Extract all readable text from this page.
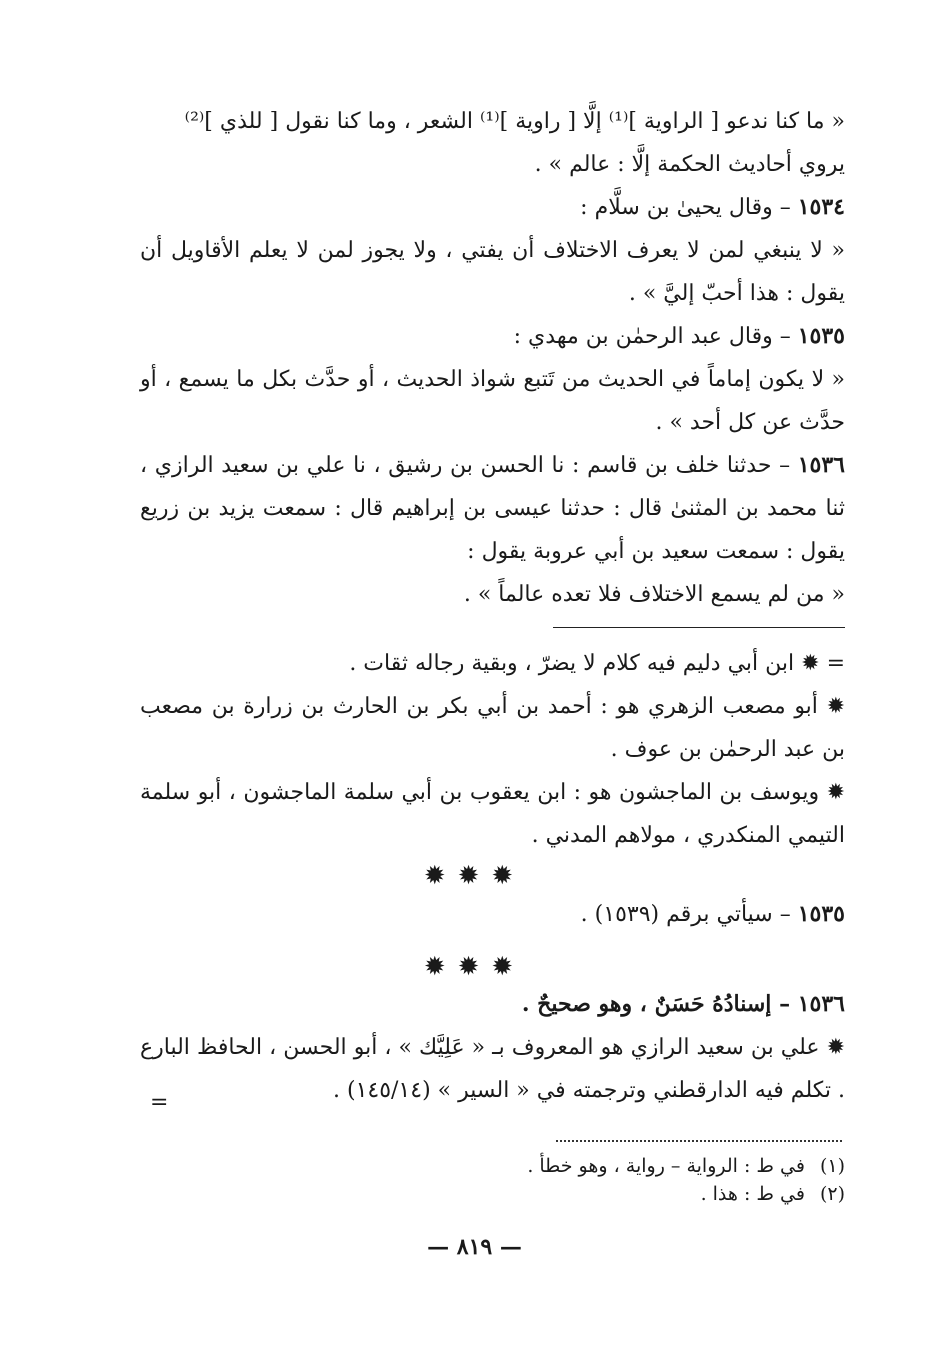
« ما كنا ندعو [ الراوية ]⁽¹⁾ إلَّا [ راوية ]⁽¹⁾ الشعر ، وما كنا نقول [ للذي ]⁽²⁾
يروي أحاديث الحكمة إلَّا : عالم » .

١٥٣٤ – وقال يحيىٰ بن سلَّام :

« لا ينبغي لمن لا يعرف الاختلاف أن يفتي ، ولا يجوز لمن لا يعلم الأقاويل أن يقول : هذا أحبّ إليَّ » .

١٥٣٥ – وقال عبد الرحمٰن بن مهدي :

« لا يكون إماماً في الحديث من تَتبع شواذ الحديث ، أو حدَّث بكل ما يسمع ، أو حدَّث عن كل أحد » .

١٥٣٦ – حدثنا خلف بن قاسم : نا الحسن بن رشيق ، نا علي بن سعيد الرازي ، ثنا محمد بن المثنىٰ قال : حدثنا عيسى بن إبراهيم قال : سمعت يزيد بن زريع يقول : سمعت سعيد بن أبي عروبة يقول :

« من لم يسمع الاختلاف فلا تعده عالماً » .

= ✹ ابن أبي دليم فيه كلام لا يضرّ ، وبقية رجاله ثقات .

✹ أبو مصعب الزهري هو : أحمد بن أبي بكر بن الحارث بن زرارة بن مصعب بن عبد الرحمٰن بن عوف .

✹ ويوسف بن الماجشون هو : ابن يعقوب بن أبي سلمة الماجشون ، أبو سلمة التيمي المنكدري ، مولاهم المدني .

✹✹✹

١٥٣٥ – سيأتي برقم (١٥٣٩) .

✹✹✹

١٥٣٦ – إسنادُهُ حَسَنٌ ، وهو صحيحٌ .

✹ علي بن سعيد الرازي هو المعروف بـ « عَلِيَّك » ، أبو الحسن ، الحافظ البارع . تكلم فيه الدارقطني وترجمته في « السير » (١٤٥/١٤) .

=
(١) في ط : الرواية – رواية ، وهو خطأ .
(٢) في ط : هذا .
— ٨١٩ —
